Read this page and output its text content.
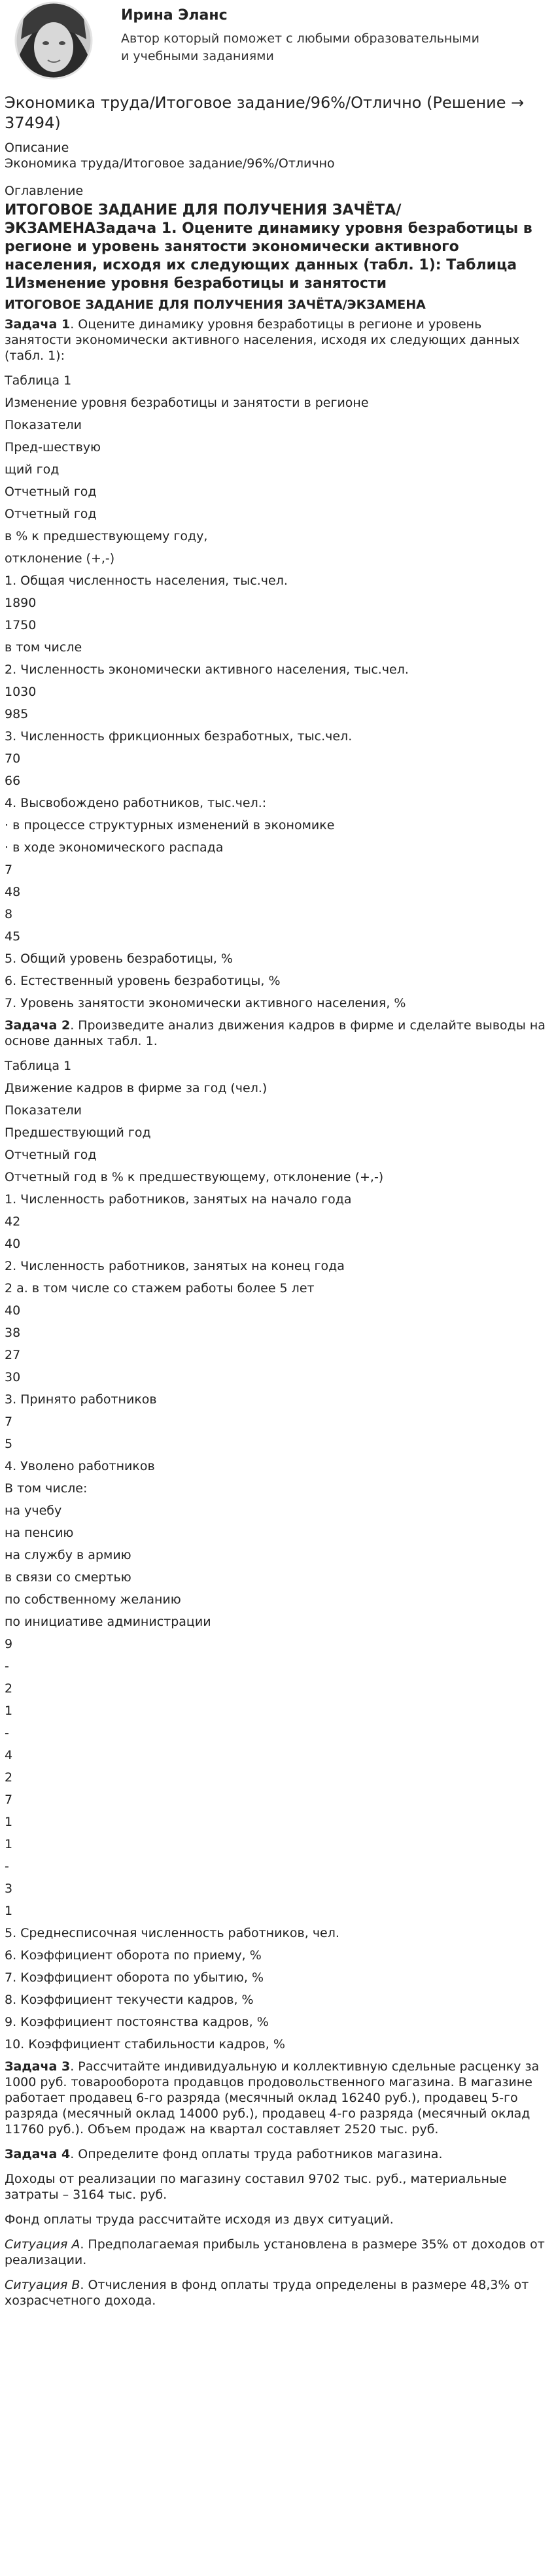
Ирина Эланс
Автор который поможет с любыми образовательными и учебными заданиями
Экономика труда/Итоговое задание/96%/Отлично (Решение → 37494)

Описание

Экономика труда/Итоговое задание/96%/Отлично

Оглавление

ИТОГОВОЕ ЗАДАНИЕ ДЛЯ ПОЛУЧЕНИЯ ЗАЧЁТА/ЭКЗАМЕНАЗадача 1. Оцените динамику уровня безработицы в регионе и уровень занятости экономически активного населения, исходя их следующих данных (табл. 1): Таблица 1Изменение уровня безработицы и занятости
ИТОГОВОЕ ЗАДАНИЕ ДЛЯ ПОЛУЧЕНИЯ ЗАЧЁТА/ЭКЗАМЕНА

Задача 1. Оцените динамику уровня безработицы в регионе и уровень занятости экономически активного населения, исходя их следующих данных (табл. 1):

Таблица 1

Изменение уровня безработицы и занятости в регионе

Показатели

Пред-шествую

щий год

Отчетный год

Отчетный год

в % к предшествующему году,

отклонение (+,-)

1. Общая численность населения, тыс.чел.

1890

1750

в том числе

2. Численность экономически активного населения, тыс.чел.

1030

985

3. Численность фрикционных безработных, тыс.чел.

70

66

4. Высвобождено работников, тыс.чел.:

· в процессе структурных изменений в экономике

· в ходе экономического распада

7

48

8

45

5. Общий уровень безработицы, %

6. Естественный уровень безработицы, %

7. Уровень занятости экономически активного населения, %

Задача 2. Произведите анализ движения кадров в фирме и сделайте выводы на основе данных табл. 1.

Таблица 1

Движение кадров в фирме за год (чел.)

Показатели

Предшествующий год

Отчетный год

Отчетный год в % к предшествующему, отклонение (+,-)

1. Численность работников, занятых на начало года

42

40

2. Численность работников, занятых на конец года

2 а. в том числе со стажем работы более 5 лет

40

38

27

30

3. Принято работников

7

5

4. Уволено работников

В том числе:

на учебу

на пенсию

на службу в армию

в связи со смертью

по собственному желанию

по инициативе администрации

9

-

2

1

-

4

2

7

1

1

-

3

1

5. Среднесписочная численность работников, чел.

6. Коэффициент оборота по приему, %

7. Коэффициент оборота по убытию, %

8. Коэффициент текучести кадров, %

9. Коэффициент постоянства кадров, %

10. Коэффициент стабильности кадров, %

Задача 3. Рассчитайте индивидуальную и коллективную сдельные расценку за 1000 руб. товарооборота продавцов продовольственного магазина. В магазине работает продавец 6-го разряда (месячный оклад 16240 руб.), продавец 5-го разряда (месячный оклад 14000 руб.), продавец 4-го разряда (месячный оклад 11760 руб.). Объем продаж на квартал составляет 2520 тыс. руб.

Задача 4. Определите фонд оплаты труда работников магазина.

Доходы от реализации по магазину составил 9702 тыс. руб., материальные затраты – 3164 тыс. руб.

Фонд оплаты труда рассчитайте исходя из двух ситуаций.

Ситуация А. Предполагаемая прибыль установлена в размере 35% от доходов от реализации.

Ситуация В. Отчисления в фонд оплаты труда определены в размере 48,3% от хозрасчетного дохода.
